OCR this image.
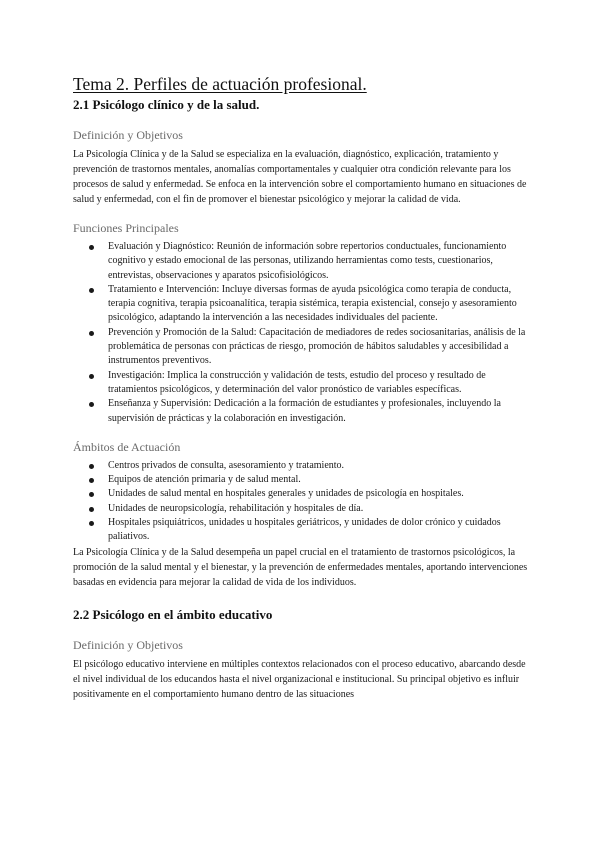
Tema 2. Perfiles de actuación profesional.
2.1 Psicólogo clínico y de la salud.
Definición y Objetivos

La Psicología Clínica y de la Salud se especializa en la evaluación, diagnóstico, explicación, tratamiento y prevención de trastornos mentales, anomalías comportamentales y cualquier otra condición relevante para los procesos de salud y enfermedad. Se enfoca en la intervención sobre el comportamiento humano en situaciones de salud y enfermedad, con el fin de promover el bienestar psicológico y mejorar la calidad de vida.

Funciones Principales
Evaluación y Diagnóstico: Reunión de información sobre repertorios conductuales, funcionamiento cognitivo y estado emocional de las personas, utilizando herramientas como tests, cuestionarios, entrevistas, observaciones y aparatos psicofisiológicos.
Tratamiento e Intervención: Incluye diversas formas de ayuda psicológica como terapia de conducta, terapia cognitiva, terapia psicoanalítica, terapia sistémica, terapia existencial, consejo y asesoramiento psicológico, adaptando la intervención a las necesidades individuales del paciente.
Prevención y Promoción de la Salud: Capacitación de mediadores de redes sociosanitarias, análisis de la problemática de personas con prácticas de riesgo, promoción de hábitos saludables y accesibilidad a instrumentos preventivos.
Investigación: Implica la construcción y validación de tests, estudio del proceso y resultado de tratamientos psicológicos, y determinación del valor pronóstico de variables específicas.
Enseñanza y Supervisión: Dedicación a la formación de estudiantes y profesionales, incluyendo la supervisión de prácticas y la colaboración en investigación.
Ámbitos de Actuación
Centros privados de consulta, asesoramiento y tratamiento.
Equipos de atención primaria y de salud mental.
Unidades de salud mental en hospitales generales y unidades de psicología en hospitales.
Unidades de neuropsicología, rehabilitación y hospitales de día.
Hospitales psiquiátricos, unidades u hospitales geriátricos, y unidades de dolor crónico y cuidados paliativos.

La Psicología Clínica y de la Salud desempeña un papel crucial en el tratamiento de trastornos psicológicos, la promoción de la salud mental y el bienestar, y la prevención de enfermedades mentales, aportando intervenciones basadas en evidencia para mejorar la calidad de vida de los individuos.

2.2 Psicólogo en el ámbito educativo
Definición y Objetivos

El psicólogo educativo interviene en múltiples contextos relacionados con el proceso educativo, abarcando desde el nivel individual de los educandos hasta el nivel organizacional e institucional. Su principal objetivo es influir positivamente en el comportamiento humano dentro de las situaciones
